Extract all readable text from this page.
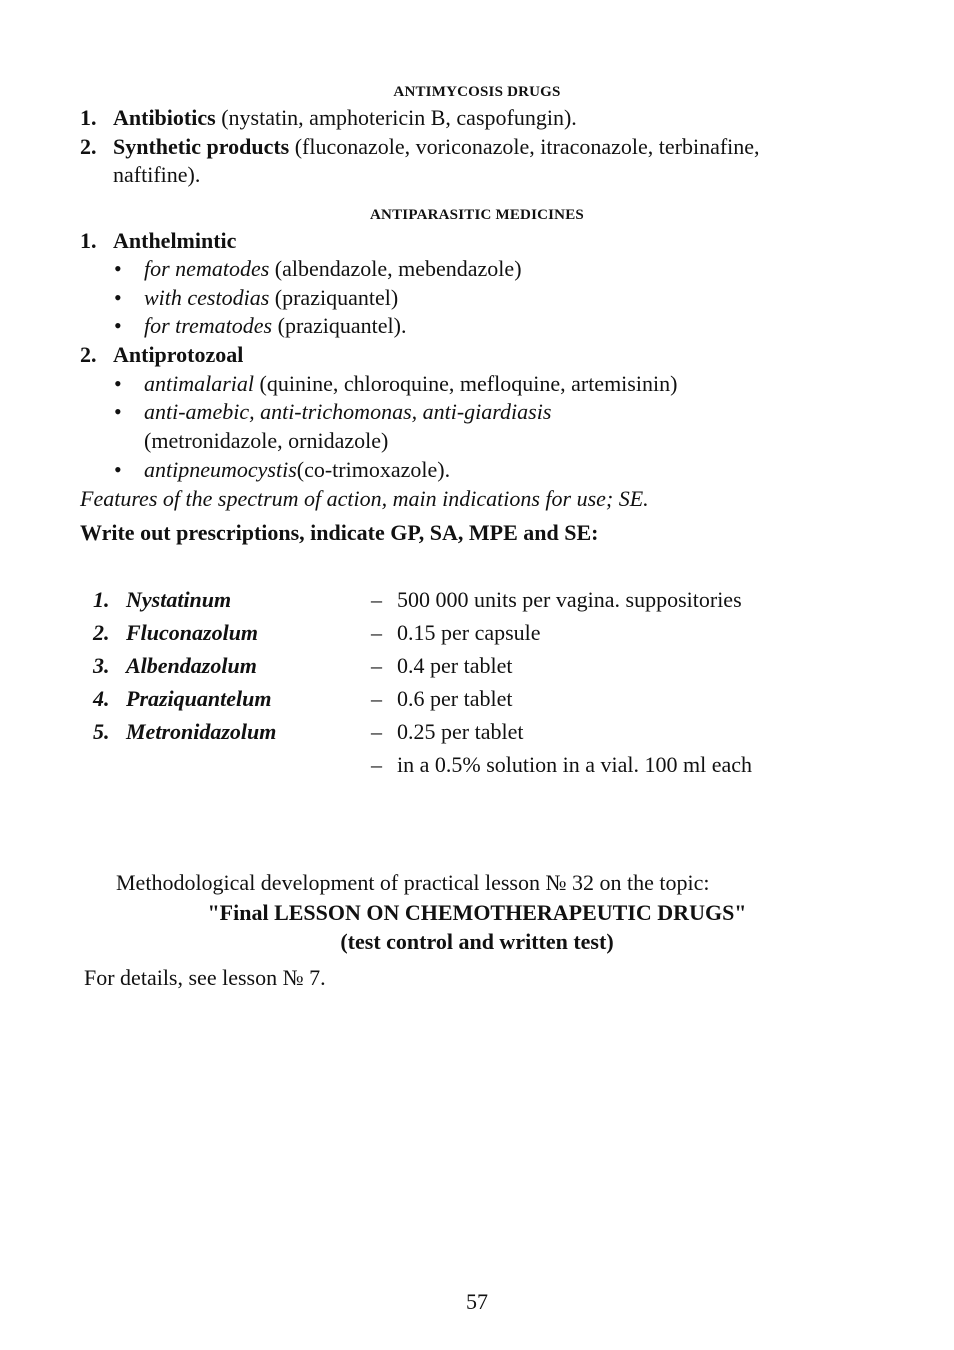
ANTIMYCOSIS DRUGS
1. Antibiotics (nystatin, amphotericin B, caspofungin).
2. Synthetic products (fluconazole, voriconazole, itraconazole, terbinafine,
naftifine).
ANTIPARASITIC MEDICINES
1. Anthelmintic
• for nematodes (albendazole, mebendazole)
• with cestodias (praziquantel)
• for trematodes (praziquantel).
2. Antiprotozoal
• antimalarial (quinine, chloroquine, mefloquine, artemisinin)
• anti-amebic, anti-trichomonas, anti-giardiasis
(metronidazole, ornidazole)
• antipneumocystis(co-trimoxazole).
Features of the spectrum of action, main indications for use; SE.
Write out prescriptions, indicate GP, SA, MPE and SE:
1. Nystatinum	– 500 000 units per vagina. suppositories
2. Fluconazolum	– 0.15 per capsule
3. Albendazolum	– 0.4 per tablet
4. Praziquantelum	– 0.6 per tablet
5. Metronidazolum	– 0.25 per tablet
– in a 0.5% solution in a vial. 100 ml each
Methodological development of practical lesson № 32 on the topic:
"Final LESSON ON CHEMOTHERAPEUTIC DRUGS"
(test control and written test)
For details, see lesson № 7.
57
